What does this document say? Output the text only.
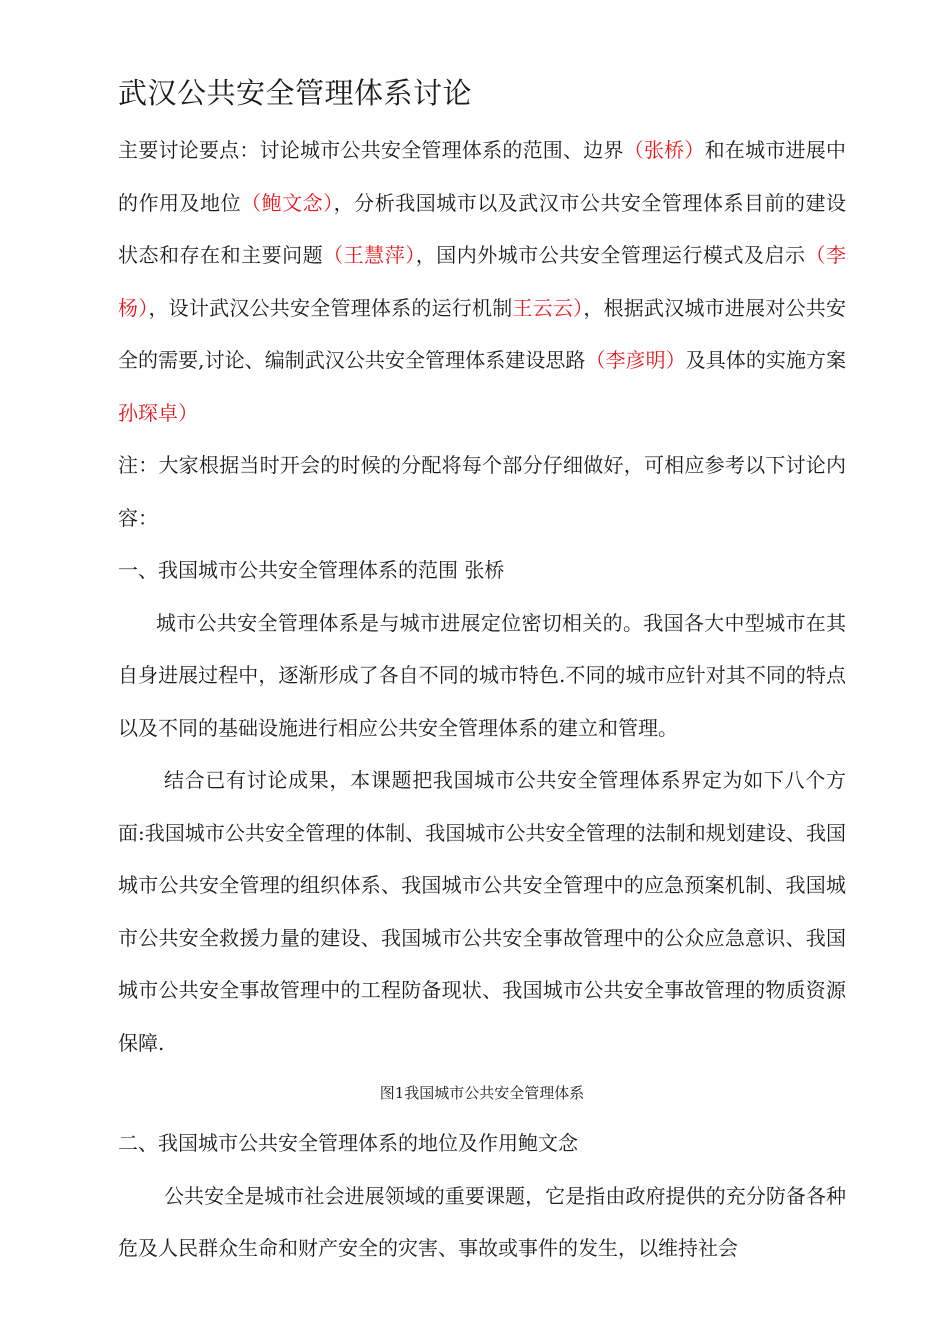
武汉公共安全管理体系讨论

主要讨论要点：讨论城市公共安全管理体系的范围、边界（张桥）和在城市进展中的作用及地位（鲍文念），分析我国城市以及武汉市公共安全管理体系目前的建设状态和存在和主要问题（王慧萍），国内外城市公共安全管理运行模式及启示（李杨），设计武汉公共安全管理体系的运行机制王云云），根据武汉城市进展对公共安全的需要,讨论、编制武汉公共安全管理体系建设思路（李彦明）及具体的实施方案孙琛卓）

注：大家根据当时开会的时候的分配将每个部分仔细做好，可相应参考以下讨论内容：

一、我国城市公共安全管理体系的范围 张桥

城市公共安全管理体系是与城市进展定位密切相关的。我国各大中型城市在其自身进展过程中，逐渐形成了各自不同的城市特色.不同的城市应针对其不同的特点以及不同的基础设施进行相应公共安全管理体系的建立和管理。

结合已有讨论成果，本课题把我国城市公共安全管理体系界定为如下八个方面:我国城市公共安全管理的体制、我国城市公共安全管理的法制和规划建设、我国城市公共安全管理的组织体系、我国城市公共安全管理中的应急预案机制、我国城市公共安全救援力量的建设、我国城市公共安全事故管理中的公众应急意识、我国城市公共安全事故管理中的工程防备现状、我国城市公共安全事故管理的物质资源保障.

图1我国城市公共安全管理体系

二、我国城市公共安全管理体系的地位及作用鲍文念

公共安全是城市社会进展领域的重要课题，它是指由政府提供的充分防备各种危及人民群众生命和财产安全的灾害、事故或事件的发生，以维持社会
